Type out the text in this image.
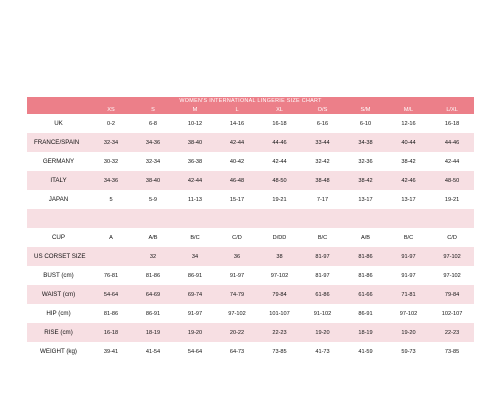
WOMEN'S INTERNATIONAL LINGERIE SIZE CHART									
	XS	S	M	L	XL	O/S	S/M	M/L	L/XL
UK	0-2	6-8	10-12	14-16	16-18	6-16	6-10	12-16	16-18
FRANCE/SPAIN	32-34	34-36	38-40	42-44	44-46	33-44	34-38	40-44	44-46
GERMANY	30-32	32-34	36-38	40-42	42-44	32-42	32-36	38-42	42-44
ITALY	34-36	38-40	42-44	46-48	48-50	38-48	38-42	42-46	48-50
JAPAN	5	5-9	11-13	15-17	19-21	7-17	13-17	13-17	19-21

CUP	A	A/B	B/C	C/D	D/DD	B/C	A/B	B/C	C/D
US CORSET SIZE		32	34	36	38	81-97	81-86	91-97	97-102
BUST (cm)	76-81	81-86	86-91	91-97	97-102	81-97	81-86	91-97	97-102
WAIST (cm)	54-64	64-69	69-74	74-79	79-84	61-86	61-66	71-81	79-84
HIP (cm)	81-86	86-91	91-97	97-102	101-107	91-102	86-91	97-102	102-107
RISE (cm)	16-18	18-19	19-20	20-22	22-23	19-20	18-19	19-20	22-23
WEIGHT (kg)	39-41	41-54	54-64	64-73	73-85	41-73	41-59	59-73	73-85
